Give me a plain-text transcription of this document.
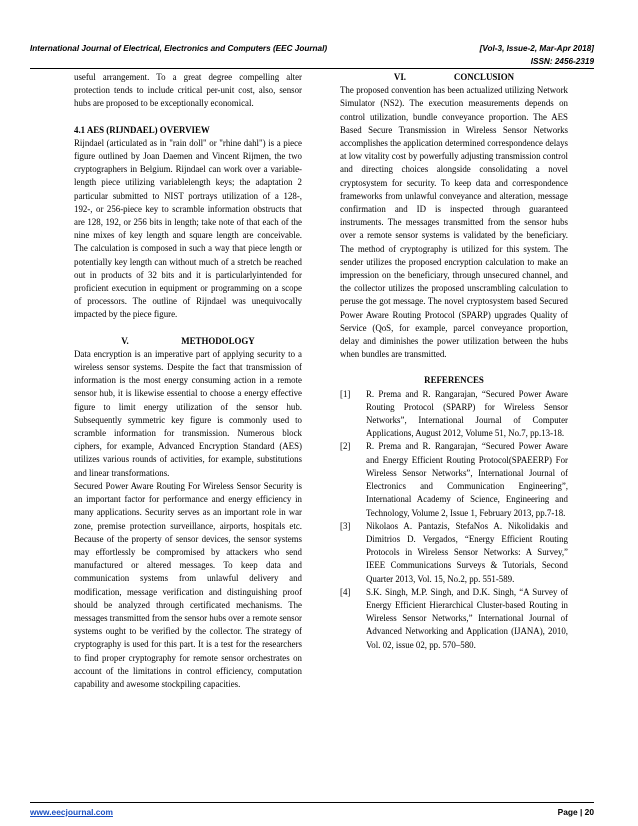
International Journal of Electrical, Electronics and Computers (EEC Journal)	[Vol-3, Issue-2, Mar-Apr 2018]
ISSN: 2456-2319

useful arrangement. To a great degree compelling alter protection tends to include critical per-unit cost, also, sensor hubs are proposed to be exceptionally economical.

4.1 AES (RIJNDAEL) OVERVIEW

Rijndael (articulated as in "rain doll" or "rhine dahl") is a piece figure outlined by Joan Daemen and Vincent Rijmen, the two cryptographers in Belgium. Rijndael can work over a variable-length piece utilizing variablelength keys; the adaptation 2 particular submitted to NIST portrays utilization of a 128-, 192-, or 256-piece key to scramble information obstructs that are 128, 192, or 256 bits in length; take note of that each of the nine mixes of key length and square length are conceivable. The calculation is composed in such a way that piece length or potentially key length can without much of a stretch be reached out in products of 32 bits and it is particularlyintended for proficient execution in equipment or programming on a scope of processors. The outline of Rijndael was unequivocally impacted by the piece figure.

V.	METHODOLOGY

Data encryption is an imperative part of applying security to a wireless sensor systems. Despite the fact that transmission of information is the most energy consuming action in a remote sensor hub, it is likewise essential to choose a energy effective figure to limit energy utilization of the sensor hub. Subsequently symmetric key figure is commonly used to scramble information for transmission. Numerous block ciphers, for example, Advanced Encryption Standard (AES) utilizes various rounds of activities, for example, substitutions and linear transformations.

Secured Power Aware Routing For Wireless Sensor Security is an important factor for performance and energy efficiency in many applications. Security serves as an important role in war zone, premise protection surveillance, airports, hospitals etc. Because of the property of sensor devices, the sensor systems may effortlessly be compromised by attackers who send manufactured or altered messages. To keep data and communication systems from unlawful delivery and modification, message verification and distinguishing proof should be analyzed through certificated mechanisms. The messages transmitted from the sensor hubs over a remote sensor systems ought to be verified by the collector. The strategy of cryptography is used for this part. It is a test for the researchers to find proper cryptography for remote sensor orchestrates on account of the limitations in control efficiency, computation capability and awesome stockpiling capacities.

VI.	CONCLUSION

The proposed convention has been actualized utilizing Network Simulator (NS2). The execution measurements depends on control utilization, bundle conveyance proportion. The AES Based Secure Transmission in Wireless Sensor Networks accomplishes the application determined correspondence delays at low vitality cost by powerfully adjusting transmission control and directing choices alongside consolidating a novel cryptosystem for security. To keep data and correspondence frameworks from unlawful conveyance and alteration, message confirmation and ID is inspected through guaranteed instruments. The messages transmitted from the sensor hubs over a remote sensor systems is validated by the beneficiary. The method of cryptography is utilized for this system. The sender utilizes the proposed encryption calculation to make an impression on the beneficiary, through unsecured channel, and the collector utilizes the proposed unscrambling calculation to peruse the got message. The novel cryptosystem based Secured Power Aware Routing Protocol (SPARP) upgrades Quality of Service (QoS, for example, parcel conveyance proportion, delay and diminishes the power utilization between the hubs when bundles are transmitted.

REFERENCES

[1] R. Prema and R. Rangarajan, “Secured Power Aware Routing Protocol (SPARP) for Wireless Sensor Networks”, International Journal of Computer Applications, August 2012, Volume 51, No.7, pp.13-18.
[2] R. Prema and R. Rangarajan, “Secured Power Aware and Energy Efficient Routing Protocol(SPAEERP) For Wireless Sensor Networks”, International Journal of Electronics and Communication Engineering”, International Academy of Science, Engineering and Technology, Volume 2, Issue 1, February 2013, pp.7-18.
[3] Nikolaos A. Pantazis, StefaNos A. Nikolidakis and Dimitrios D. Vergados, “Energy Efficient Routing Protocols in Wireless Sensor Networks: A Survey,” IEEE Communications Surveys & Tutorials, Second Quarter 2013, Vol. 15, No.2, pp. 551-589.
[4] S.K. Singh, M.P. Singh, and D.K. Singh, “A Survey of Energy Efficient Hierarchical Cluster-based Routing in Wireless Sensor Networks,” International Journal of Advanced Networking and Application (IJANA), 2010, Vol. 02, issue 02, pp. 570–580.
www.eecjournal.com	Page | 20
